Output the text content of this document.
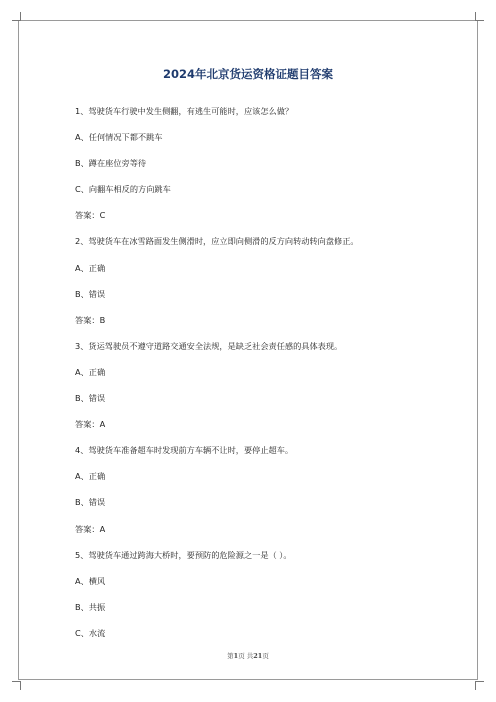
2024年北京货运资格证题目答案
1、驾驶货车行驶中发生侧翻，有逃生可能时，应该怎么做？
A、任何情况下都不跳车
B、蹲在座位旁等待
C、向翻车相反的方向跳车
答案：C
2、驾驶货车在冰雪路面发生侧滑时，应立即向侧滑的反方向转动转向盘修正。
A、正确
B、错误
答案：B
3、货运驾驶员不遵守道路交通安全法规，是缺乏社会责任感的具体表现。
A、正确
B、错误
答案：A
4、驾驶货车准备超车时发现前方车辆不让时，要停止超车。
A、正确
B、错误
答案：A
5、驾驶货车通过跨海大桥时，要预防的危险源之一是（ ）。
A、横风
B、共振
C、水流
第1页 共21页
